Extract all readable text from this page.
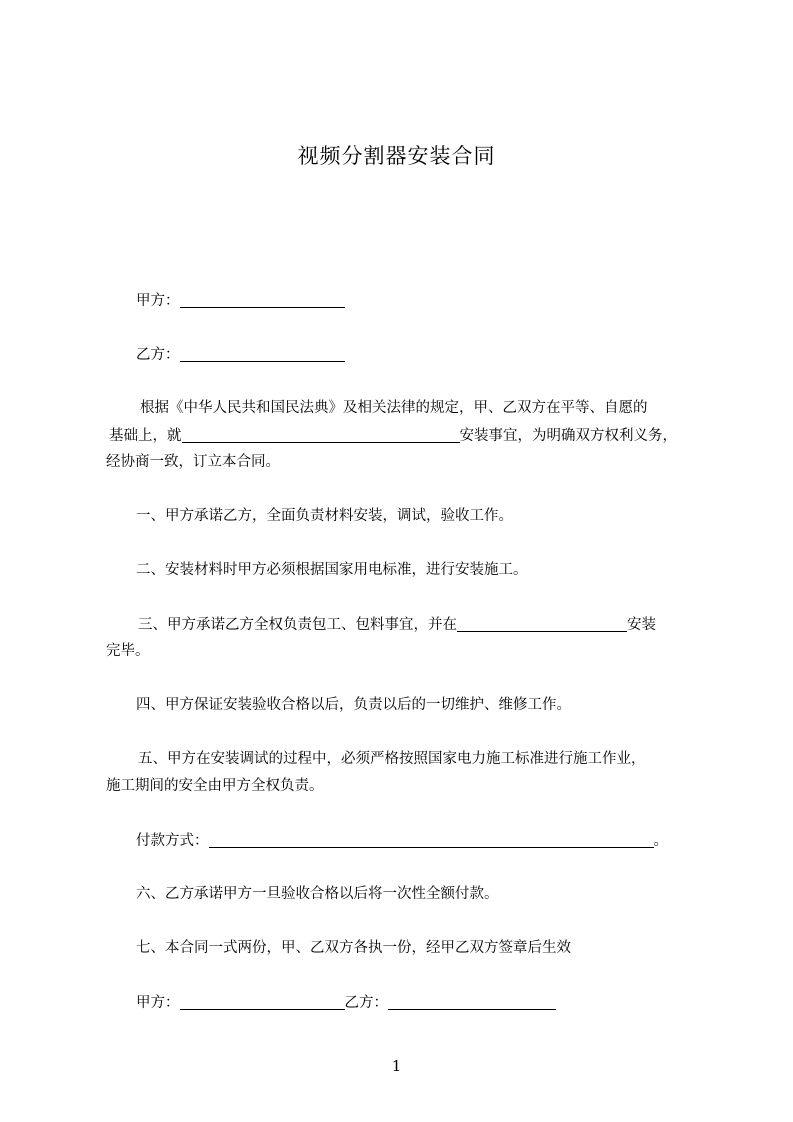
视频分割器安装合同
甲方：
乙方：
根据《中华人民共和国民法典》及相关法律的规定，甲、乙双方在平等、自愿的
基础上，就	安装事宜，为明确双方权利义务，
经协商一致，订立本合同。
一、甲方承诺乙方，全面负责材料安装，调试，验收工作。
二、安装材料时甲方必须根据国家用电标准，进行安装施工。
三、甲方承诺乙方全权负责包工、包料事宜，并在	安装
完毕。
四、甲方保证安装验收合格以后，负责以后的一切维护、维修工作。
五、甲方在安装调试的过程中，必须严格按照国家电力施工标准进行施工作业，
施工期间的安全由甲方全权负责。
付款方式：	。
六、乙方承诺甲方一旦验收合格以后将一次性全额付款。
七、本合同一式两份，甲、乙双方各执一份，经甲乙双方签章后生效
甲方：	乙方：
1
